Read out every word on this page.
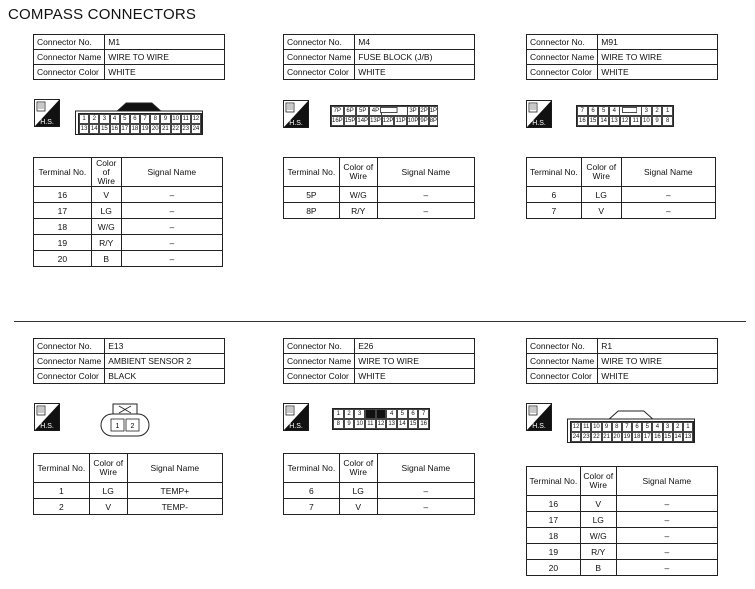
COMPASS CONNECTORS
Connector No.	M1
Connector Name	WIRE TO WIRE
Connector Color	WHITE
H.S.	1	2	3	4	5	6	7	8	9 10 11 12
13 14 15 16 17 18 19 20 21 22 23 24
Terminal No.	Color of
Wire	Signal Name
16	V	–
17	LG	–
18	W/G	–
19	R/Y	–
20	B	–
Connector No.	M4
Connector Name	FUSE BLOCK (J/B)
Connector Color	WHITE
H.S.
7P 6P 5P 4P	3P 2P 1P
16P 15P 14P 13P 12P 11P 10P 9P 8P
Terminal No.	Color of
Wire	Signal Name
5P	W/G	–
8P	R/Y	–
Connector No.	M91
Connector Name	WIRE TO WIRE
Connector Color	WHITE
H.S.
7	6	5	4	3	2	1
16 15 14 13 12 11 10 9	8
Terminal No.	Color of
Wire	Signal Name
6	LG	–
7	V	–
Connector No.	E13
Connector Name	AMBIENT SENSOR 2
Connector Color	BLACK
H.S.	1 2
Terminal No.	Color of
Wire	Signal Name
1	LG	TEMP+
2	V	TEMP-
Connector No.	E26
Connector Name	WIRE TO WIRE
Connector Color	WHITE
H.S.
1	2	3	4	5	6	7
8	9 10 11 12 13 14 15 16
Terminal No.	Color of
Wire	Signal Name
6	LG	–
7	V	–
Connector No.	R1
Connector Name	WIRE TO WIRE
Connector Color	WHITE
H.S.	12 11 10 9	8	7	6	5	4	3	2	1
24 23 22 21 20 19 18 17 16 15 14 13
Terminal No.	Color of
Wire	Signal Name
16	V	–
17	LG	–
18	W/G	–
19	R/Y	–
20	B	–
